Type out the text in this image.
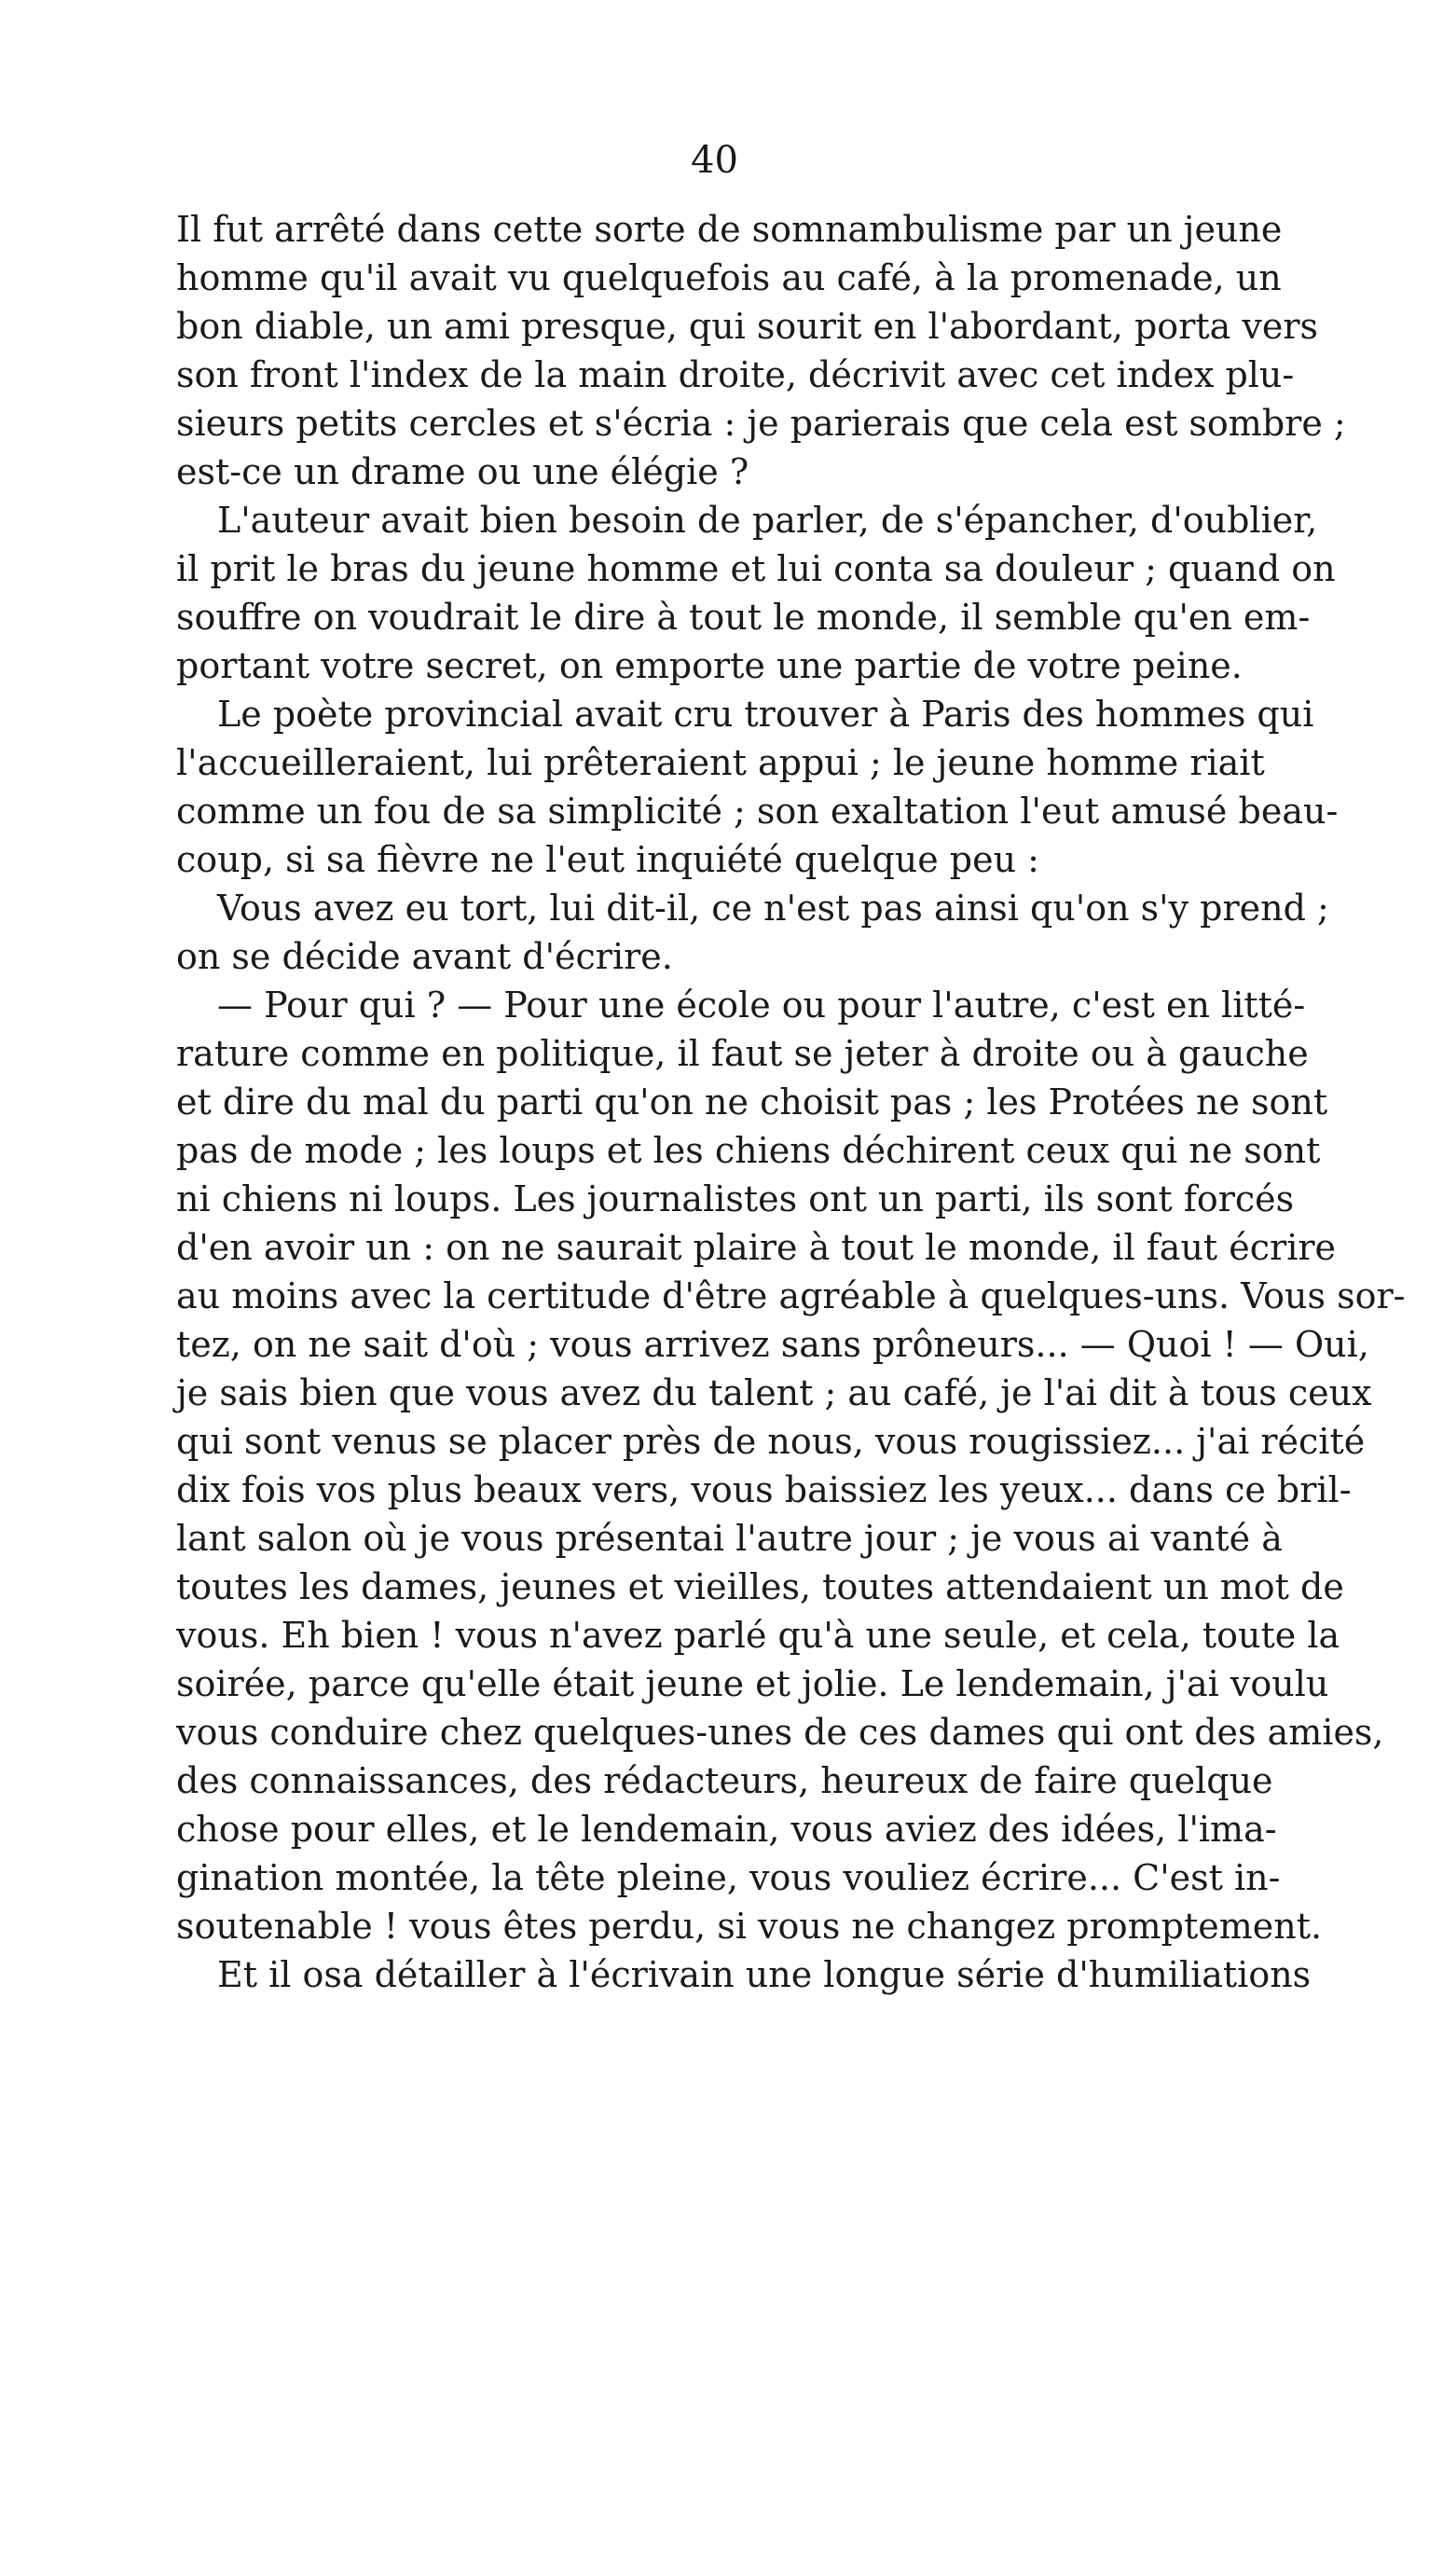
40
Il fut arrêté dans cette sorte de somnambulisme par un jeune
homme qu'il avait vu quelquefois au café, à la promenade, un
bon diable, un ami presque, qui sourit en l'abordant, porta vers
son front l'index de la main droite, décrivit avec cet index plu-
sieurs petits cercles et s'écria : je parierais que cela est sombre ;
est-ce un drame ou une élégie ?
L'auteur avait bien besoin de parler, de s'épancher, d'oublier,
il prit le bras du jeune homme et lui conta sa douleur ; quand on
souffre on voudrait le dire à tout le monde, il semble qu'en em-
portant votre secret, on emporte une partie de votre peine.
Le poète provincial avait cru trouver à Paris des hommes qui
l'accueilleraient, lui prêteraient appui ; le jeune homme riait
comme un fou de sa simplicité ; son exaltation l'eut amusé beau-
coup, si sa fièvre ne l'eut inquiété quelque peu :
Vous avez eu tort, lui dit-il, ce n'est pas ainsi qu'on s'y prend ;
on se décide avant d'écrire.
— Pour qui ? — Pour une école ou pour l'autre, c'est en litté-
rature comme en politique, il faut se jeter à droite ou à gauche
et dire du mal du parti qu'on ne choisit pas ; les Protées ne sont
pas de mode ; les loups et les chiens déchirent ceux qui ne sont
ni chiens ni loups. Les journalistes ont un parti, ils sont forcés
d'en avoir un : on ne saurait plaire à tout le monde, il faut écrire
au moins avec la certitude d'être agréable à quelques-uns. Vous sor-
tez, on ne sait d'où ; vous arrivez sans prôneurs... — Quoi ! — Oui,
je sais bien que vous avez du talent ; au café, je l'ai dit à tous ceux
qui sont venus se placer près de nous, vous rougissiez... j'ai récité
dix fois vos plus beaux vers, vous baissiez les yeux... dans ce bril-
lant salon où je vous présentai l'autre jour ; je vous ai vanté à
toutes les dames, jeunes et vieilles, toutes attendaient un mot de
vous. Eh bien ! vous n'avez parlé qu'à une seule, et cela, toute la
soirée, parce qu'elle était jeune et jolie. Le lendemain, j'ai voulu
vous conduire chez quelques-unes de ces dames qui ont des amies,
des connaissances, des rédacteurs, heureux de faire quelque
chose pour elles, et le lendemain, vous aviez des idées, l'ima-
gination montée, la tête pleine, vous vouliez écrire... C'est in-
soutenable ! vous êtes perdu, si vous ne changez promptement.
Et il osa détailler à l'écrivain une longue série d'humiliations
